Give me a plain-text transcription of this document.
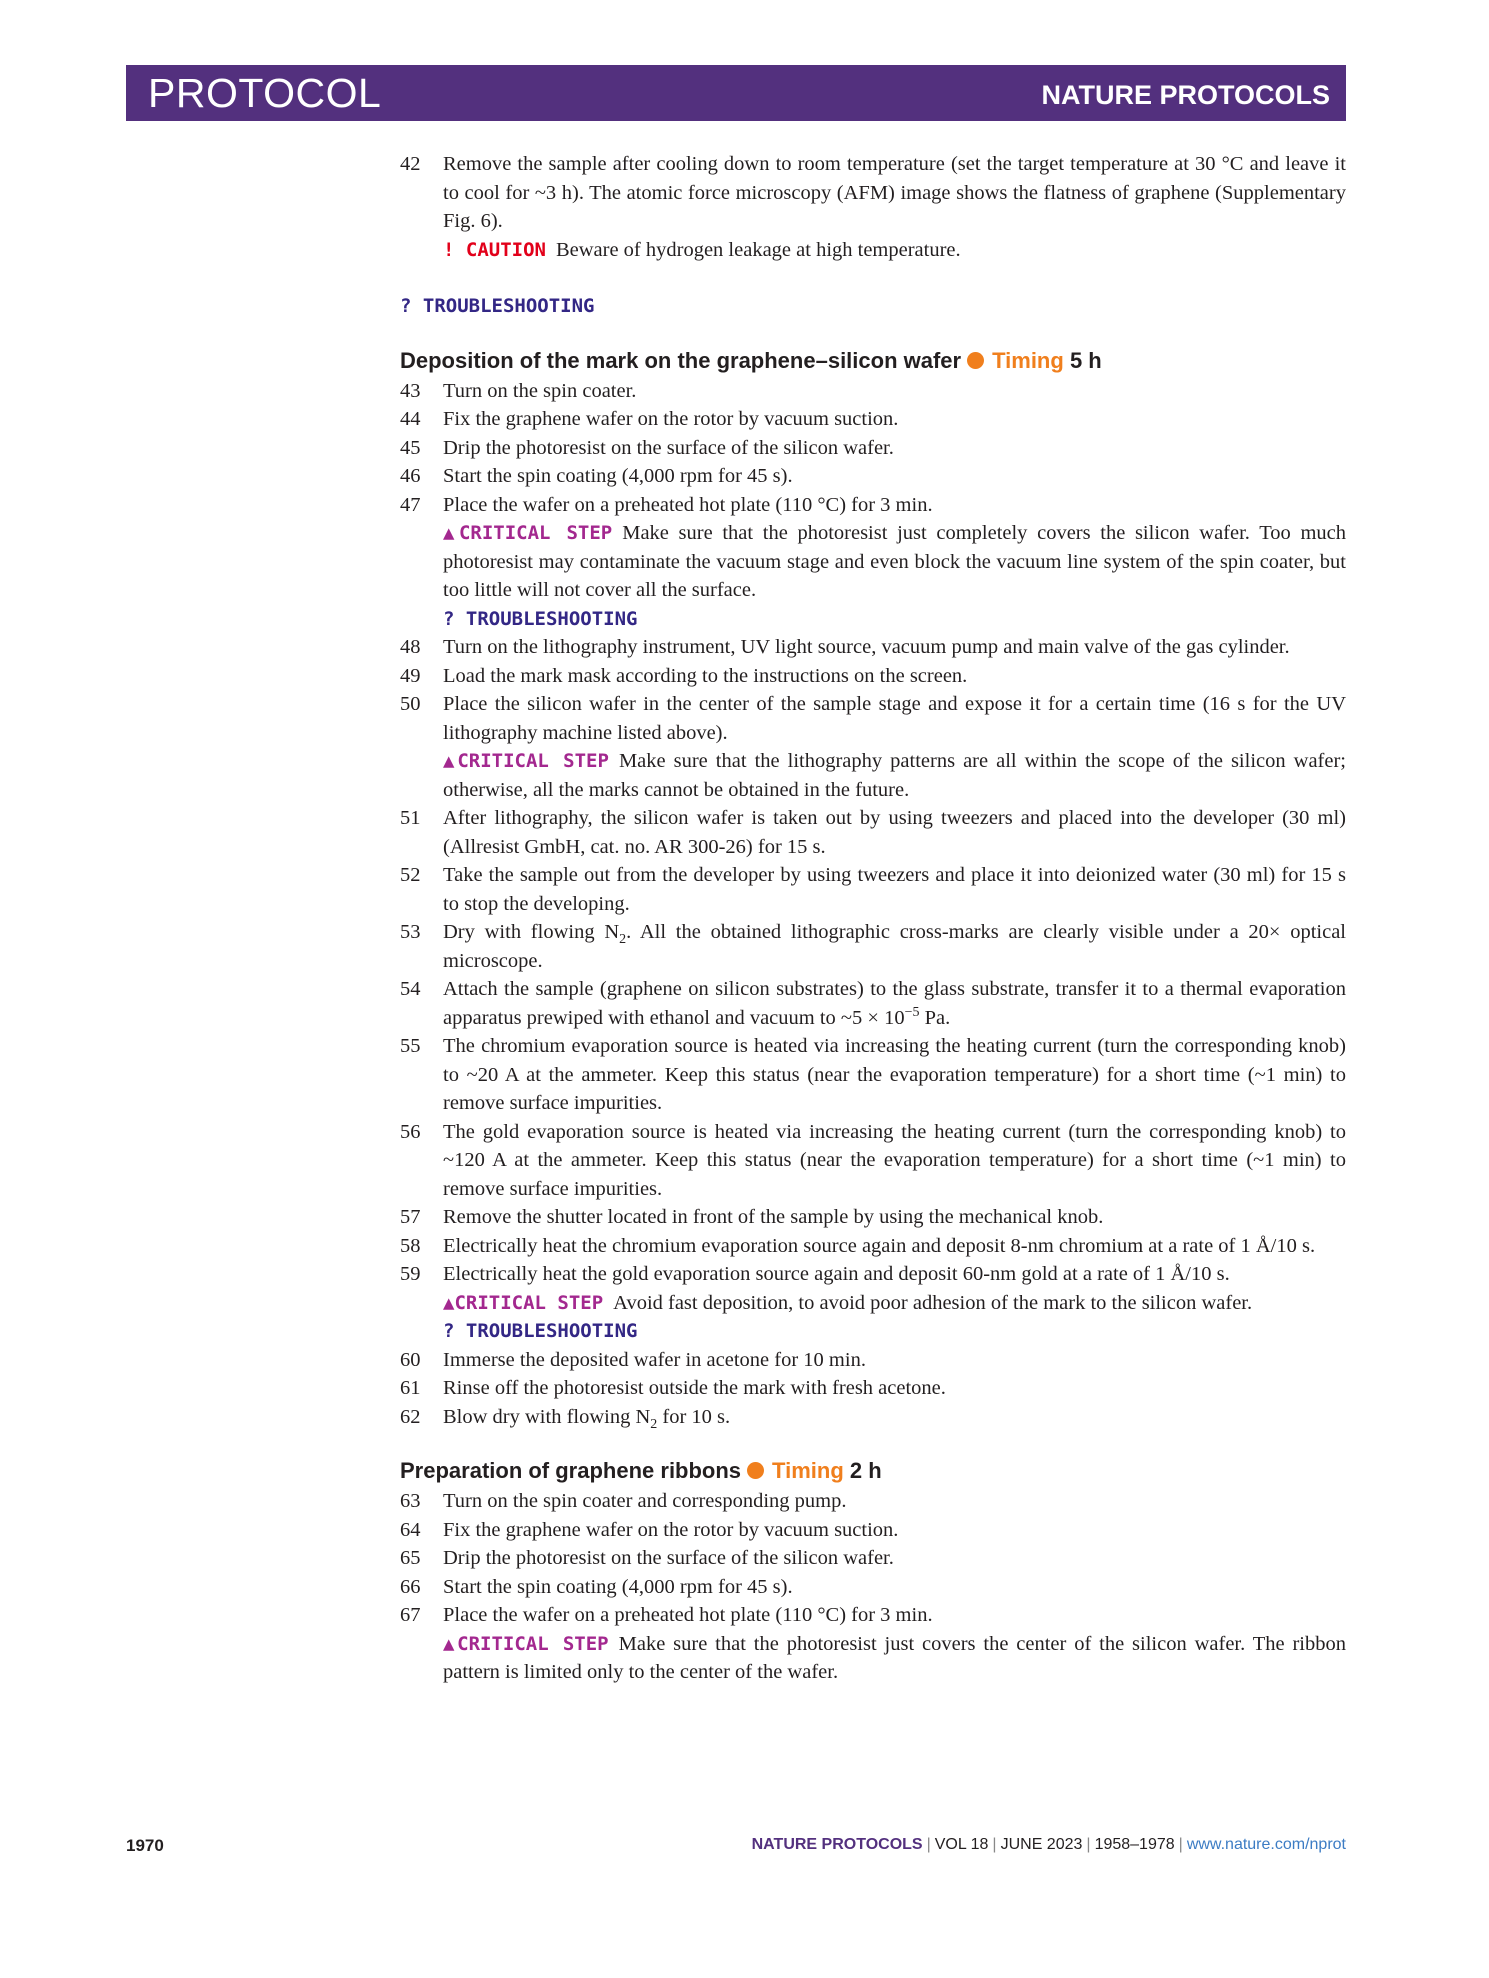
PROTOCOL	NATURE PROTOCOLS
42 Remove the sample after cooling down to room temperature (set the target temperature at 30 °C and leave it to cool for ~3 h). The atomic force microscopy (AFM) image shows the flatness of graphene (Supplementary Fig. 6).
! CAUTION Beware of hydrogen leakage at high temperature.
? TROUBLESHOOTING
Deposition of the mark on the graphene–silicon wafer Timing 5 h
43 Turn on the spin coater.
44 Fix the graphene wafer on the rotor by vacuum suction.
45 Drip the photoresist on the surface of the silicon wafer.
46 Start the spin coating (4,000 rpm for 45 s).
47 Place the wafer on a preheated hot plate (110 °C) for 3 min.
▲CRITICAL STEP Make sure that the photoresist just completely covers the silicon wafer. Too much photoresist may contaminate the vacuum stage and even block the vacuum line system of the spin coater, but too little will not cover all the surface.
? TROUBLESHOOTING
48 Turn on the lithography instrument, UV light source, vacuum pump and main valve of the gas cylinder.
49 Load the mark mask according to the instructions on the screen.
50 Place the silicon wafer in the center of the sample stage and expose it for a certain time (16 s for the UV lithography machine listed above).
▲CRITICAL STEP Make sure that the lithography patterns are all within the scope of the silicon wafer; otherwise, all the marks cannot be obtained in the future.
51 After lithography, the silicon wafer is taken out by using tweezers and placed into the developer (30 ml) (Allresist GmbH, cat. no. AR 300-26) for 15 s.
52 Take the sample out from the developer by using tweezers and place it into deionized water (30 ml) for 15 s to stop the developing.
53 Dry with flowing $N_2$. All the obtained lithographic cross-marks are clearly visible under a 20× optical microscope.
54 Attach the sample (graphene on silicon substrates) to the glass substrate, transfer it to a thermal evaporation apparatus prewiped with ethanol and vacuum to ~5 × $10^{-5}$ Pa.
55 The chromium evaporation source is heated via increasing the heating current (turn the corresponding knob) to ~20 A at the ammeter. Keep this status (near the evaporation temperature) for a short time (~1 min) to remove surface impurities.
56 The gold evaporation source is heated via increasing the heating current (turn the corresponding knob) to ~120 A at the ammeter. Keep this status (near the evaporation temperature) for a short time (~1 min) to remove surface impurities.
57 Remove the shutter located in front of the sample by using the mechanical knob.
58 Electrically heat the chromium evaporation source again and deposit 8-nm chromium at a rate of 1 Å/10 s.
59 Electrically heat the gold evaporation source again and deposit 60-nm gold at a rate of 1 Å/10 s.
▲CRITICAL STEP Avoid fast deposition, to avoid poor adhesion of the mark to the silicon wafer.
? TROUBLESHOOTING
60 Immerse the deposited wafer in acetone for 10 min.
61 Rinse off the photoresist outside the mark with fresh acetone.
62 Blow dry with flowing $N_2$ for 10 s.
Preparation of graphene ribbons Timing 2 h
63 Turn on the spin coater and corresponding pump.
64 Fix the graphene wafer on the rotor by vacuum suction.
65 Drip the photoresist on the surface of the silicon wafer.
66 Start the spin coating (4,000 rpm for 45 s).
67 Place the wafer on a preheated hot plate (110 °C) for 3 min.
▲CRITICAL STEP Make sure that the photoresist just covers the center of the silicon wafer. The ribbon pattern is limited only to the center of the wafer.
1970	NATURE PROTOCOLS | VOL 18 | JUNE 2023 | 1958–1978 | www.nature.com/nprot
